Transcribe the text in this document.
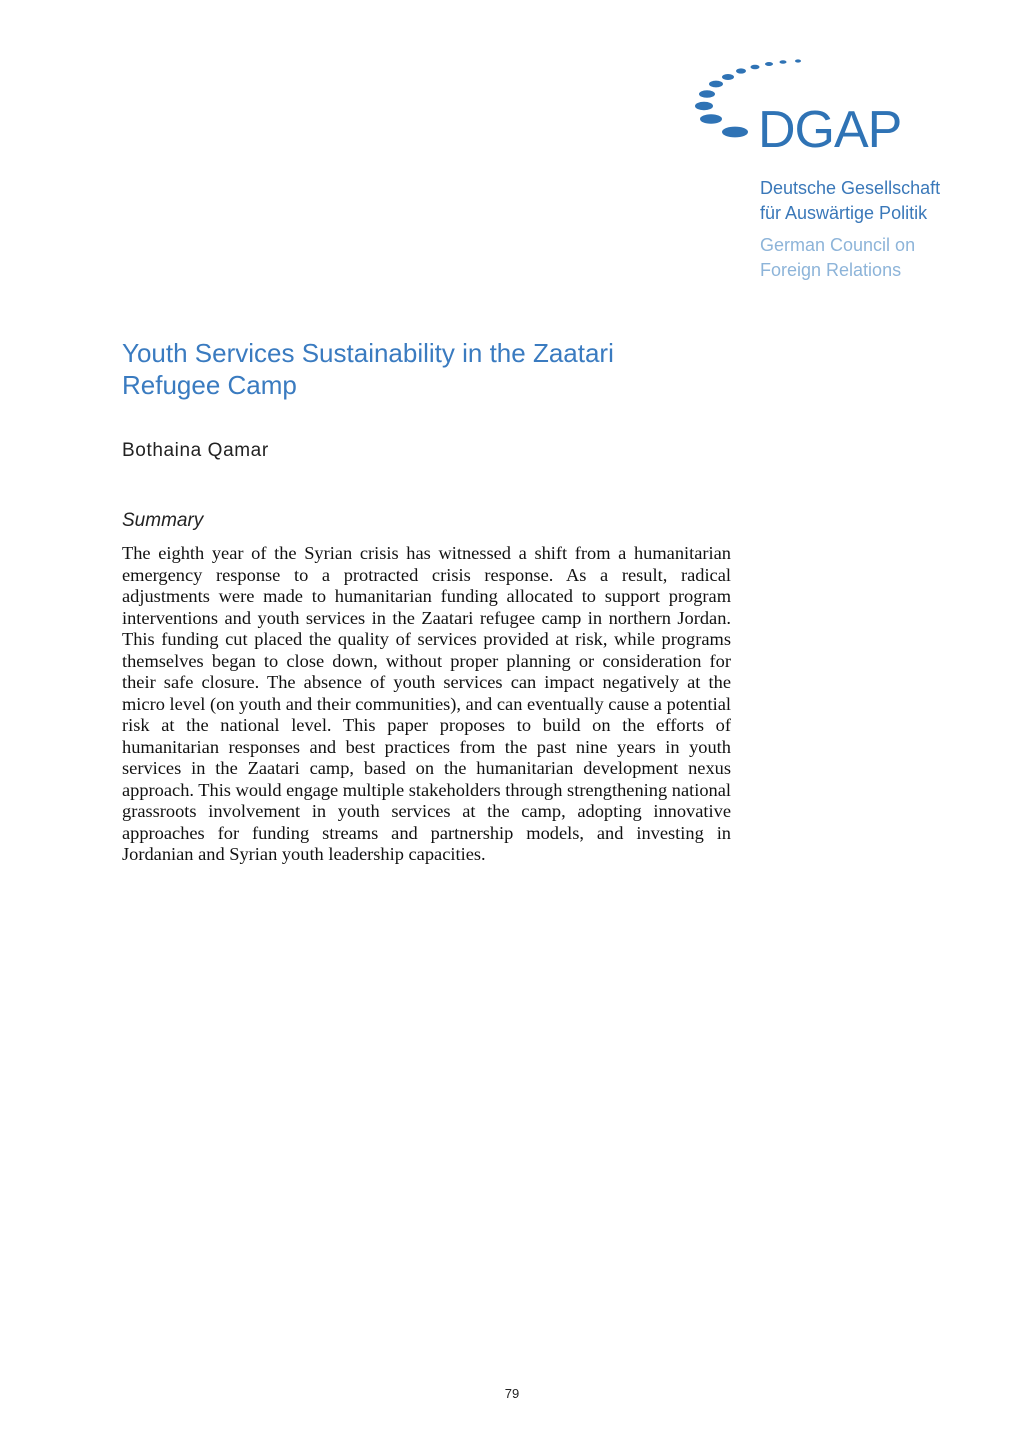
DGAP
Deutsche Gesellschaft
für Auswärtige Politik
German Council on
Foreign Relations
Youth Services Sustainability in the Zaatari Refugee Camp
Bothaina Qamar
Summary

The eighth year of the Syrian crisis has witnessed a shift from a humanitarian emergency response to a protracted crisis response. As a result, radical adjustments were made to humanitarian funding allocated to support program interventions and youth services in the Zaatari refugee camp in northern Jordan. This funding cut placed the quality of services provided at risk, while programs themselves began to close down, without proper planning or consideration for their safe closure. The absence of youth services can impact negatively at the micro level (on youth and their communities), and can eventually cause a potential risk at the national level. This paper proposes to build on the efforts of humanitarian responses and best practices from the past nine years in youth services in the Zaatari camp, based on the humanitarian development nexus approach. This would engage multiple stakeholders through strengthening national grassroots involvement in youth services at the camp, adopting innovative approaches for funding streams and partnership models, and investing in Jordanian and Syrian youth leadership capacities.

79
